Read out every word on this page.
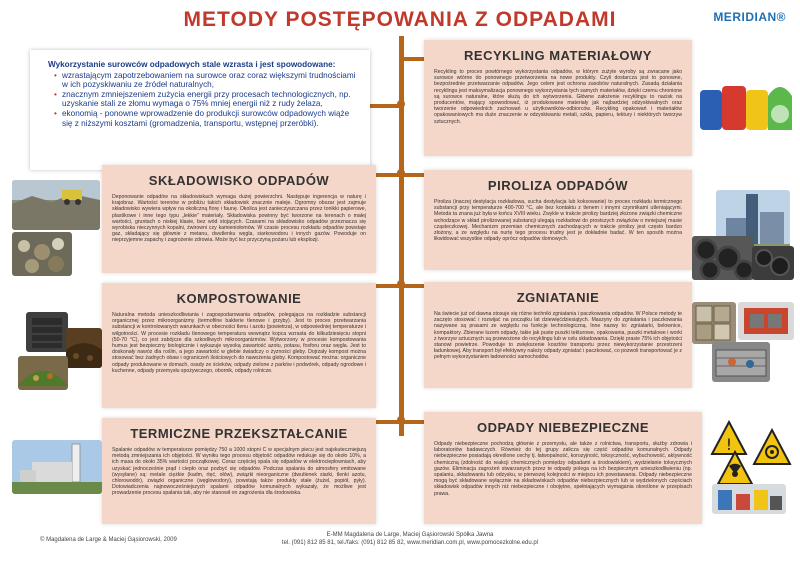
METODY POSTĘPOWANIA Z ODPADAMI	MERIDIAN®
Wykorzystanie surowców odpadowych stale wzrasta i jest spowodowane:
• wzrastającym zapotrzebowaniem na surowce oraz coraz większymi trudnościami w ich pozyskiwaniu ze źródeł naturalnych,
• znacznym zmniejszeniem zużycia energii przy procesach technologicznych, np. uzyskanie stali ze złomu wymaga o 75% mniej energii niż z rudy żelaza,
• ekonomią - ponowne wprowadzenie do produkcji surowców odpadowych wiąże się z niższymi kosztami (gromadzenia, transportu, wstępnej przeróbki).
RECYKLING MATERIAŁOWY
Recykling to proces powtórnego wykorzystania odpadów, w którym zużyte wyroby są zwracane jako surowce wtórne do ponownego przetworzenia na nowe produkty. Czyli dostarcza jest to ponowne, bezpośrednie przetwarzanie odpadów. Jego celem jest ochrona zasobów naturalnych. Zasadą działania recyklingu jest maksymalizacja ponownego wykorzystania tych samych materiałów, dzięki czemu chronione są surowce naturalne, które służą do ich wytworzenia. Główne założenie recyklingu to nacisk na producentów, mający spowodować, iż produkowane materiały jak najbardziej odzyskiwalnych oraz tworzenie odpowiednich zachowań u użytkowników-odbiorców. Recykling opakowań i materiałów opakowaniowych ma duże znaczenie w odzyskiwaniu metali, szkła, papieru, tektury i niektórych tworzyw sztucznych.
SKŁADOWISKO ODPADÓW
Deponowanie odpadów na składowiskach wymaga dużej powierzchni. Następuje ingerencja w naturę i krajobraz. Wartości terenów w pobliżu takich składowisk znacznie maleje. Ogromny obszar jest zajmuje składowisko wywiera wpływ na okoliczną florę i faunę. Okolica jest zanieczyszczana przez tonikki papierowe, plastikowe i inne tego typu „lekkie” materiały. Składowiska powinny być tworzone na terenach o małej wartości, gruntach o niskiej klasie, bez wód stojących. Czasami na składowisko odpadów przeznacza się wyrobiska nieczynnych kopalni, żwirowni czy kamieniołomów. W czasie procesu rozkładu odpadów powstaje gaz, składający się głównie z metanu, dwutlenku węgla, siarkowodoru i innych gazów. Powoduje on nieprzyjemne zapachy i zagrożenie zdrowia. Może być też przyczyną pożaru lub eksplozji.
PIROLIZA ODPADÓW
Piroliza (inaczej destylacja rozkładowa, sucha destylacja lub koksowanie) to proces rozkładu termicznego substancji przy temperaturze 400-700 °C, ale bez kontaktu z tlenem i innymi czynnikami utleniającymi. Metoda ta znana już była w końcu XVIII wieku. Zwykle w trakcie pirolizy bardziej złożone związki chemiczne wchodzące w skład pirolizowanej substancji ulegają rozkładowi do prostszych związków o mniejszej masie cząsteczkowej. Mechanizm przemian chemicznych zachodzących w trakcie pirolizy jest często bardzo złożony, a ze względu na nurtę tego procesu trudny jest je dokładnie badać. W ten sposób można likwidować wszystkie odpady oprócz odpadów domowych.
KOMPOSTOWANIE
Naturalna metoda unieszkodliwiania i zagospodarowania odpadów, polegająca na rozkładzie substancji organicznej przez mikroorganizmy (termofilne bakterie tlenowe i grzyby). Jest to proces przetwarzania substancji w kontrolowanych warunkach w obecności tlenu i azotu (powietrza), w odpowiedniej temperaturze i wilgotności. W procesie rozkładu tlenowego temperatura wewnątrz kopca wzrasta do kilkudziesięciu stopni (50-70 °C), co jest zabójcze dla szkodliwych mikroorganizmów. Wytworzony w procesie kompostowania humus jest bezpieczny biologicznie i wykazuje wysoką zawartość azotu, potasu, fosforu oraz węgla. Jest to doskonały nawóz dla roślin, a jego zawartość w glebie świadczy o żyzności gleby. Dojrzały kompost można stosować bez żadnych obaw i ograniczeń ilościowych do nawożenia gleby. Kompostować można: organiczne odpady produkowane w domach, osady ze ścieków, odpady zielone z parków i podwórek, odpady ogrodowe i kuchenne, odpady przemysłu spożywczego, obornik, odpady rolnicze.
ZGNIATANIE
Na świecie już od dawna stosuje się różne techniki zgniatania i paczkowania odpadów. W Polsce metody te zaczęto stosować i rozwijać na początku lat dziewięćdziesiątych. Maszyny do zgniatania i paczkowania nazywane są prasami ze względu na funkcje technologiczną. Inne nazwy to: zgniatarki, belownice, kompaktory. Zbierane luzem odpady, takie jak puste puszki tekturowe, opakowania, puszki metalowe i worki z tworzyw sztucznych są przewożone do recyklingu lub w celu składowania. Dzięki prasie 75% ich objętości stanowi powietrze. Powoduje to zwiększenie kosztów transportu przez niewykorzystanie przestrzeni ładunkowej. Aby transport był efektywny należy odpady zgniatać i paczkować, co pozwoli transportować je z pełnym wykorzystaniem ładowności samochodów.
TERMICZNE PRZEKSZTAŁCANIE
Spalanie odpadów w temperaturze pomiędzy 750 a 1000 stopni C w specjalnym piecu jest najskuteczniejszą metodą zmniejszania ich objętości. W wyniku tego procesu objętość odpadów redukuje się do około 10%, a ich masa do około 35% wartości początkowej. Coraz częściej spala się odpadów w elektrociepłowniach, aby uzyskać jednocześnie prąd i ciepło oraz pozbyć się odpadów. Podczas spalania do atmosfery emitowane (wysyłane) są: metale ciężkie (kadm, rtęć, ołów), związki nieorganiczne (dwutlenek siarki, tlenki azotu, chlorowodór), związki organiczne (węglowodory), powstają także produkty stałe (żużel, popiół, pyły). Dotowiadczenia najnowocześniejszych spalarni odpadów komunalnych wykazały, że możliwe jest prowadzenie procesu spalania tak, aby nie stanowił on zagrożenia dla środowiska.
ODPADY NIEBEZPIECZNE
Odpady niebezpieczne pochodzą głównie z przemysłu, ale także z rolnictwa, transportu, służby zdrowia i laboratoriów badawczych. Również do tej grupy zalicza się część odpadów komunalnych. Odpady niebezpieczne posiadają określone cechy tj. łatwopalność, korozyjność, toksyczność, wybuchowość, aktywność chemiczną (zdolność do reakcji chemicznych pomiędzy odpadami a środowiskiem), wydzielanie toksycznych gazów. Eliminacja zagrożeń stwarzanych przez te odpady polega na ich bezpiecznym unieszkodliwieniu (np. spalaniu, składowaniu lub odzysku, w pierwszej kolejności w miejscu ich powstawania. Odpady niebezpieczne mogą być składowane wyłącznie na składowiskach odpadów niebezpiecznych lub w wydzielonych częściach składowisk odpadów innych niż niebezpieczne i obojętne, spełniających wymagania określone w przepisach prawa.
!
© Magdalena de Large & Maciej Gąsiorowski, 2009
E-MM Magdalena de Large, Maciej Gąsiorowski Spółka Jawna
tel. (091) 812 85 81, tel./faks: (091) 812 85 82, www.meridian.com.pl, www.pomocezkolne.edu.pl
